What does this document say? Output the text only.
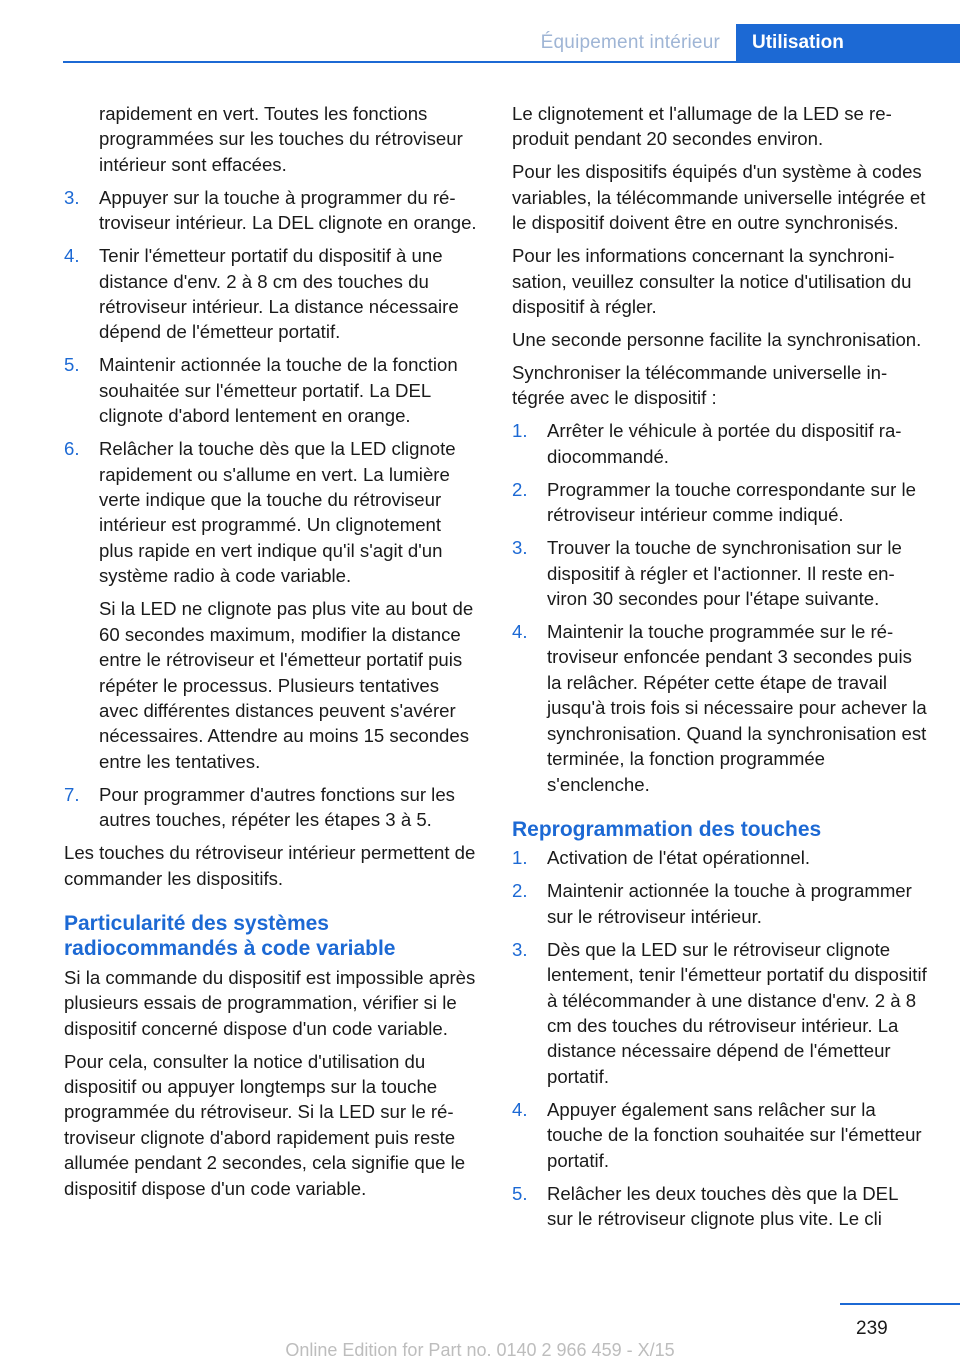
Équipement intérieur	Utilisation

rapidement en vert. Toutes les fonctions programmées sur les touches du rétroviseur intérieur sont effacées.

3. Appuyer sur la touche à programmer du rétroviseur intérieur. La DEL clignote en orange.
4. Tenir l'émetteur portatif du dispositif à une distance d'env. 2 à 8 cm des touches du rétroviseur intérieur. La distance nécessaire dépend de l'émetteur portatif.
5. Maintenir actionnée la touche de la fonction souhaitée sur l'émetteur portatif. La DEL clignote d'abord lentement en orange.
6. Relâcher la touche dès que la LED clignote rapidement ou s'allume en vert. La lumière verte indique que la touche du rétroviseur intérieur est programmé. Un clignotement plus rapide en vert indique qu'il s'agit d'un système radio à code variable.
Si la LED ne clignote pas plus vite au bout de 60 secondes maximum, modifier la distance entre le rétroviseur et l'émetteur portatif puis répéter le processus. Plusieurs tentatives avec différentes distances peuvent s'avérer nécessaires. Attendre au moins 15 secondes entre les tentatives.
7. Pour programmer d'autres fonctions sur les autres touches, répéter les étapes 3 à 5.

Les touches du rétroviseur intérieur permettent de commander les dispositifs.

Particularité des systèmes radiocommandés à code variable

Si la commande du dispositif est impossible après plusieurs essais de programmation, vérifier si le dispositif concerné dispose d'un code variable.

Pour cela, consulter la notice d'utilisation du dispositif ou appuyer longtemps sur la touche programmée du rétroviseur. Si la LED sur le rétroviseur clignote d'abord rapidement puis reste allumée pendant 2 secondes, cela signifie que le dispositif dispose d'un code variable.

Le clignotement et l'allumage de la LED se reproduit pendant 20 secondes environ.

Pour les dispositifs équipés d'un système à codes variables, la télécommande universelle intégrée et le dispositif doivent être en outre synchronisés.

Pour les informations concernant la synchronisation, veuillez consulter la notice d'utilisation du dispositif à régler.

Une seconde personne facilite la synchronisation.

Synchroniser la télécommande universelle intégrée avec le dispositif :

1. Arrêter le véhicule à portée du dispositif radiocommandé.
2. Programmer la touche correspondante sur le rétroviseur intérieur comme indiqué.
3. Trouver la touche de synchronisation sur le dispositif à régler et l'actionner. Il reste environ 30 secondes pour l'étape suivante.
4. Maintenir la touche programmée sur le rétroviseur enfoncée pendant 3 secondes puis la relâcher. Répéter cette étape de travail jusqu'à trois fois si nécessaire pour achever la synchronisation. Quand la synchronisation est terminée, la fonction programmée s'enclenche.
Reprogrammation des touches
1. Activation de l'état opérationnel.
2. Maintenir actionnée la touche à programmer sur le rétroviseur intérieur.
3. Dès que la LED sur le rétroviseur clignote lentement, tenir l'émetteur portatif du dispositif à télécommander à une distance d'env. 2 à 8 cm des touches du rétroviseur intérieur. La distance nécessaire dépend de l'émetteur portatif.
4. Appuyer également sans relâcher sur la touche de la fonction souhaitée sur l'émetteur portatif.
5. Relâcher les deux touches dès que la DEL sur le rétroviseur clignote plus vite. Le cli
239
Online Edition for Part no. 0140 2 966 459 - X/15
